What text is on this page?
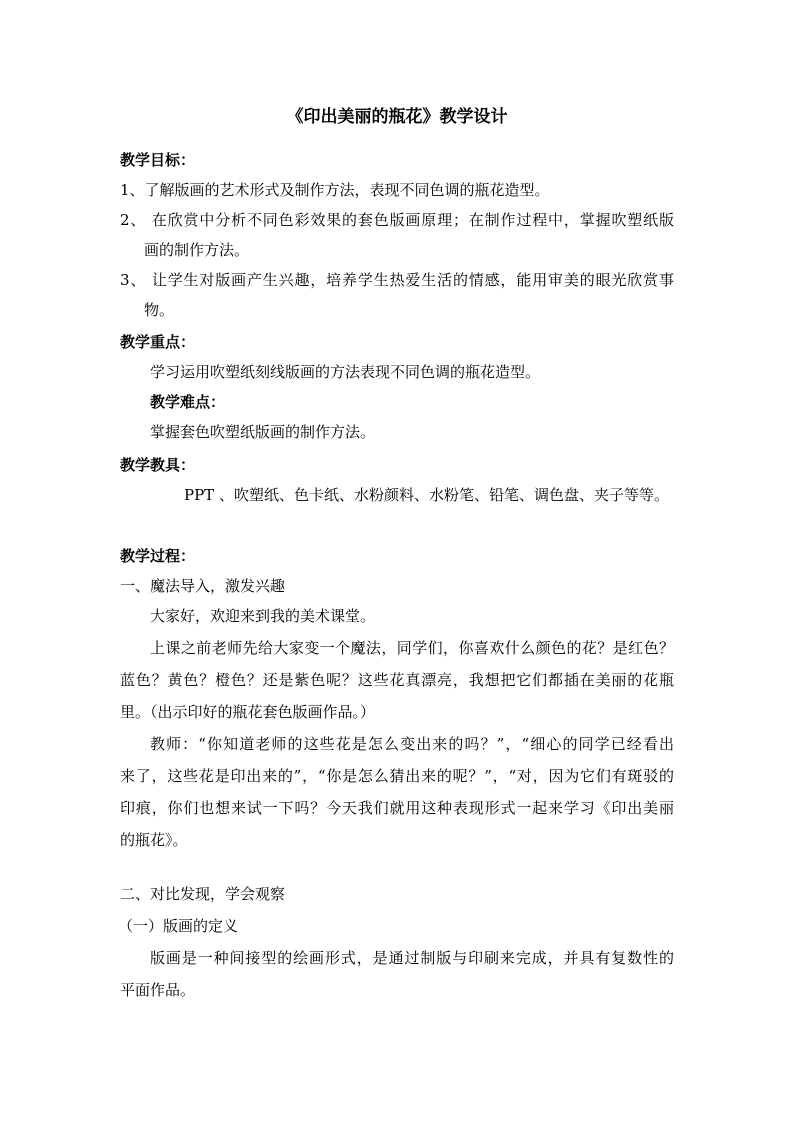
《印出美丽的瓶花》教学设计
教学目标：
1、了解版画的艺术形式及制作方法，表现不同色调的瓶花造型。
2、 在欣赏中分析不同色彩效果的套色版画原理；在制作过程中，掌握吹塑纸版
画的制作方法。
3、 让学生对版画产生兴趣，培养学生热爱生活的情感，能用审美的眼光欣赏事
物。
教学重点：
学习运用吹塑纸刻线版画的方法表现不同色调的瓶花造型。
教学难点：
掌握套色吹塑纸版画的制作方法。
教学教具：
PPT 、吹塑纸、色卡纸、水粉颜料、水粉笔、铅笔、调色盘、夹子等等。
教学过程：
一、魔法导入，激发兴趣
大家好，欢迎来到我的美术课堂。
上课之前老师先给大家变一个魔法，同学们，你喜欢什么颜色的花？是红色？
蓝色？黄色？橙色？还是紫色呢？这些花真漂亮，我想把它们都插在美丽的花瓶
里。（出示印好的瓶花套色版画作品。）
教师：“你知道老师的这些花是怎么变出来的吗？”，“细心的同学已经看出
来了，这些花是印出来的”，“你是怎么猜出来的呢？”，“对，因为它们有斑驳的
印痕，你们也想来试一下吗？今天我们就用这种表现形式一起来学习《印出美丽
的瓶花》。
二、对比发现，学会观察
（一）版画的定义
版画是一种间接型的绘画形式，是通过制版与印刷来完成，并具有复数性的
平面作品。
